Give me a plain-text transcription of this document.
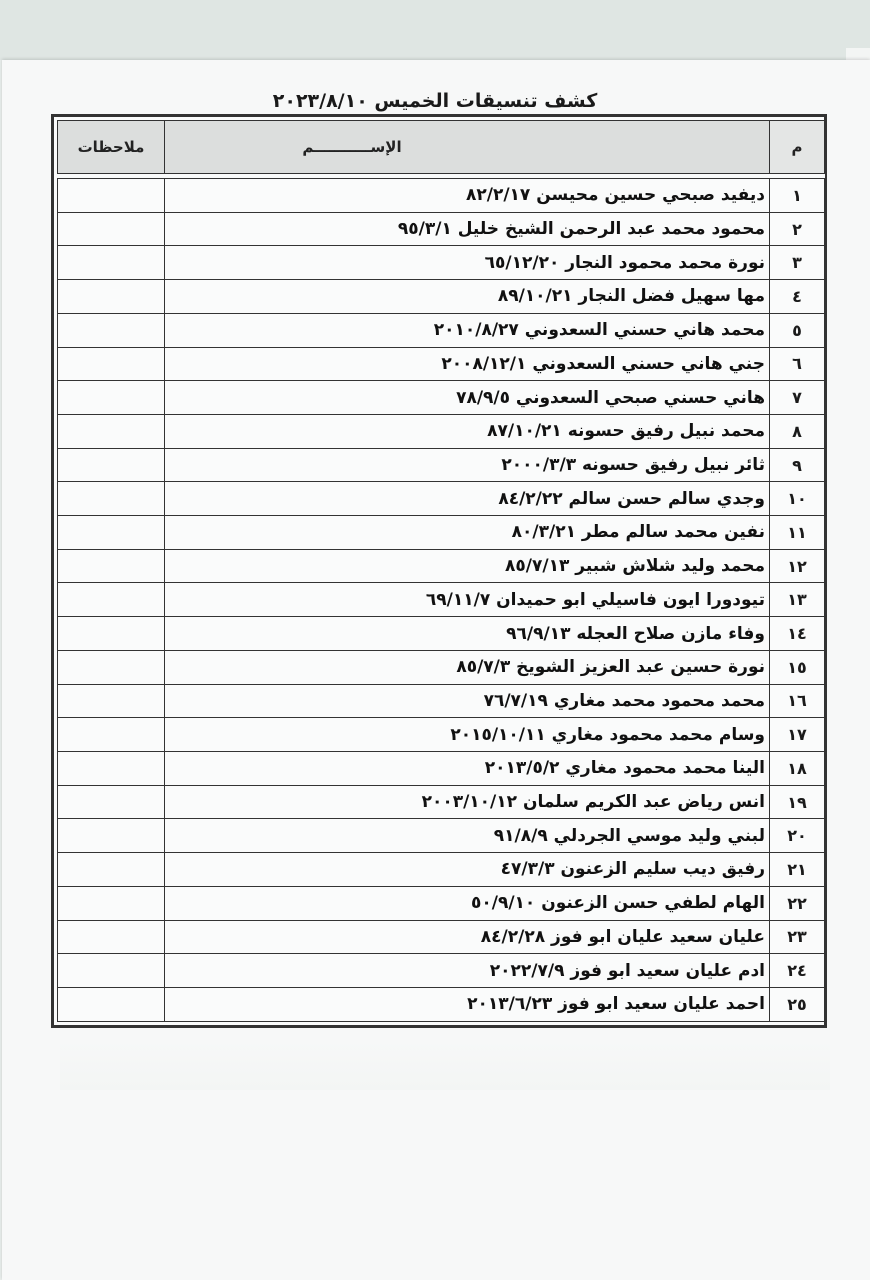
كشف تنسيقات الخميس ٢٠٢٣/٨/١٠
م	الإســـــــــــم	ملاحظات

١	ديفيد صبحي حسين محيسن ٨٢/٢/١٧	
٢	محمود محمد عبد الرحمن الشيخ خليل ٩٥/٣/١	
٣	نورة محمد محمود النجار ٦٥/١٢/٢٠	
٤	مها سهيل فضل النجار ٨٩/١٠/٢١	
٥	محمد هاني حسني السعدوني ٢٠١٠/٨/٢٧	
٦	جني هاني حسني السعدوني ٢٠٠٨/١٢/١	
٧	هاني حسني صبحي السعدوني ٧٨/٩/٥	
٨	محمد نبيل رفيق حسونه ٨٧/١٠/٢١	
٩	ثائر نبيل رفيق حسونه ٢٠٠٠/٣/٣	
١٠	وجدي سالم حسن سالم ٨٤/٢/٢٢	
١١	نفين محمد سالم مطر ٨٠/٣/٢١	
١٢	محمد وليد شلاش شبير ٨٥/٧/١٣	
١٣	تيودورا ايون فاسيلي ابو حميدان ٦٩/١١/٧	
١٤	وفاء مازن صلاح العجله ٩٦/٩/١٣	
١٥	نورة حسين عبد العزيز الشويخ ٨٥/٧/٣	
١٦	محمد محمود محمد مغاري ٧٦/٧/١٩	
١٧	وسام محمد محمود مغاري ٢٠١٥/١٠/١١	
١٨	الينا محمد محمود مغاري ٢٠١٣/٥/٢	
١٩	انس رياض عبد الكريم سلمان ٢٠٠٣/١٠/١٢	
٢٠	لبني وليد موسي الجردلي ٩١/٨/٩	
٢١	رفيق ديب سليم الزعنون ٤٧/٣/٣	
٢٢	الهام لطفي حسن الزعنون ٥٠/٩/١٠	
٢٣	عليان سعيد عليان ابو فوز ٨٤/٢/٢٨	
٢٤	ادم عليان سعيد ابو فوز ٢٠٢٢/٧/٩	
٢٥	احمد عليان سعيد ابو فوز ٢٠١٣/٦/٢٣	
